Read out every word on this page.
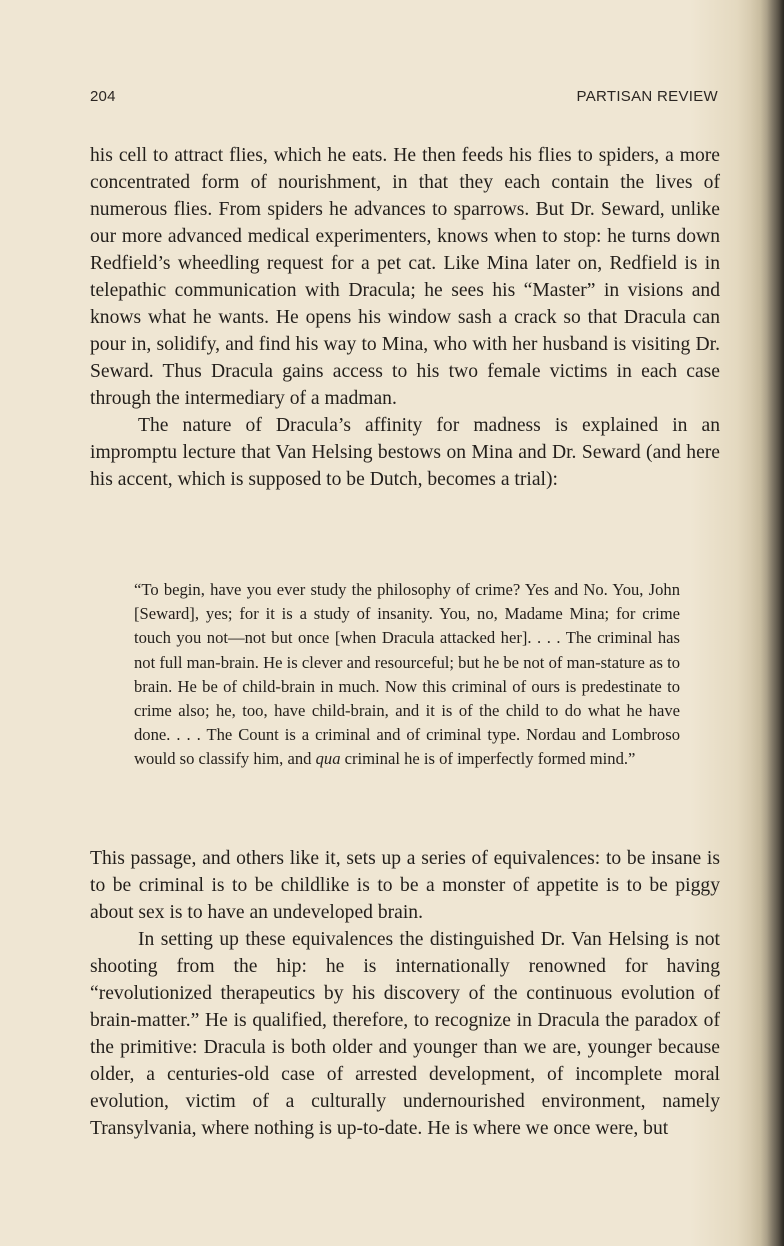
204	PARTISAN REVIEW

his cell to attract flies, which he eats. He then feeds his flies to spiders, a more concentrated form of nourishment, in that they each contain the lives of numerous flies. From spiders he advances to sparrows. But Dr. Seward, unlike our more advanced medical experimenters, knows when to stop: he turns down Redfield’s wheedling request for a pet cat. Like Mina later on, Redfield is in telepathic communication with Dracula; he sees his “Master” in visions and knows what he wants. He opens his window sash a crack so that Dracula can pour in, solidify, and find his way to Mina, who with her husband is visiting Dr. Seward. Thus Dracula gains access to his two female victims in each case through the intermediary of a madman.

The nature of Dracula’s affinity for madness is explained in an impromptu lecture that Van Helsing bestows on Mina and Dr. Seward (and here his accent, which is supposed to be Dutch, becomes a trial):

“To begin, have you ever study the philosophy of crime? Yes and No. You, John [Seward], yes; for it is a study of insanity. You, no, Madame Mina; for crime touch you not—not but once [when Dracula attacked her]. . . . The criminal has not full man-brain. He is clever and resourceful; but he be not of man-stature as to brain. He be of child-brain in much. Now this criminal of ours is predestinate to crime also; he, too, have child-brain, and it is of the child to do what he have done. . . . The Count is a criminal and of criminal type. Nordau and Lombroso would so classify him, and qua criminal he is of imperfectly formed mind.”

This passage, and others like it, sets up a series of equivalences: to be insane is to be criminal is to be childlike is to be a monster of appetite is to be piggy about sex is to have an undeveloped brain.

In setting up these equivalences the distinguished Dr. Van Helsing is not shooting from the hip: he is internationally renowned for having “revolutionized therapeutics by his discovery of the continuous evolution of brain-matter.” He is qualified, therefore, to recognize in Dracula the paradox of the primitive: Dracula is both older and younger than we are, younger because older, a centuries-old case of arrested development, of incomplete moral evolution, victim of a culturally undernourished environment, namely Transylvania, where nothing is up-to-date. He is where we once were, but
